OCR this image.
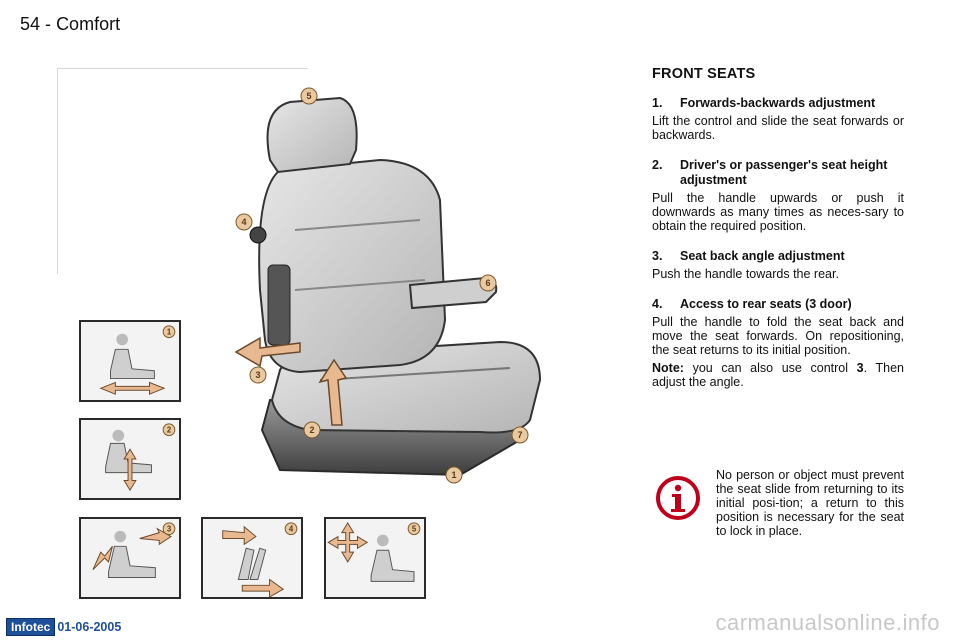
54 - Comfort
5
4
6
3
2	7
1
1
2
3	4	5
FRONT SEATS
1.	Forwards-backwards adjustment

Lift the control and slide the seat forwards or backwards.

2.	Driver's or passenger's seat height adjustment

Pull the handle upwards or push it downwards as many times as neces-sary to obtain the required position.

3.	Seat back angle adjustment

Push the handle towards the rear.

4.	Access to rear seats (3 door)

Pull the handle to fold the seat back and move the seat forwards. On repositioning, the seat returns to its initial position.

Note: you can also use control 3. Then adjust the angle.

No person or object must prevent the seat slide from returning to its initial posi-tion; a return to this position is necessary for the seat to lock in place.
Infotec 01-06-2005	carmanualsonline.info
